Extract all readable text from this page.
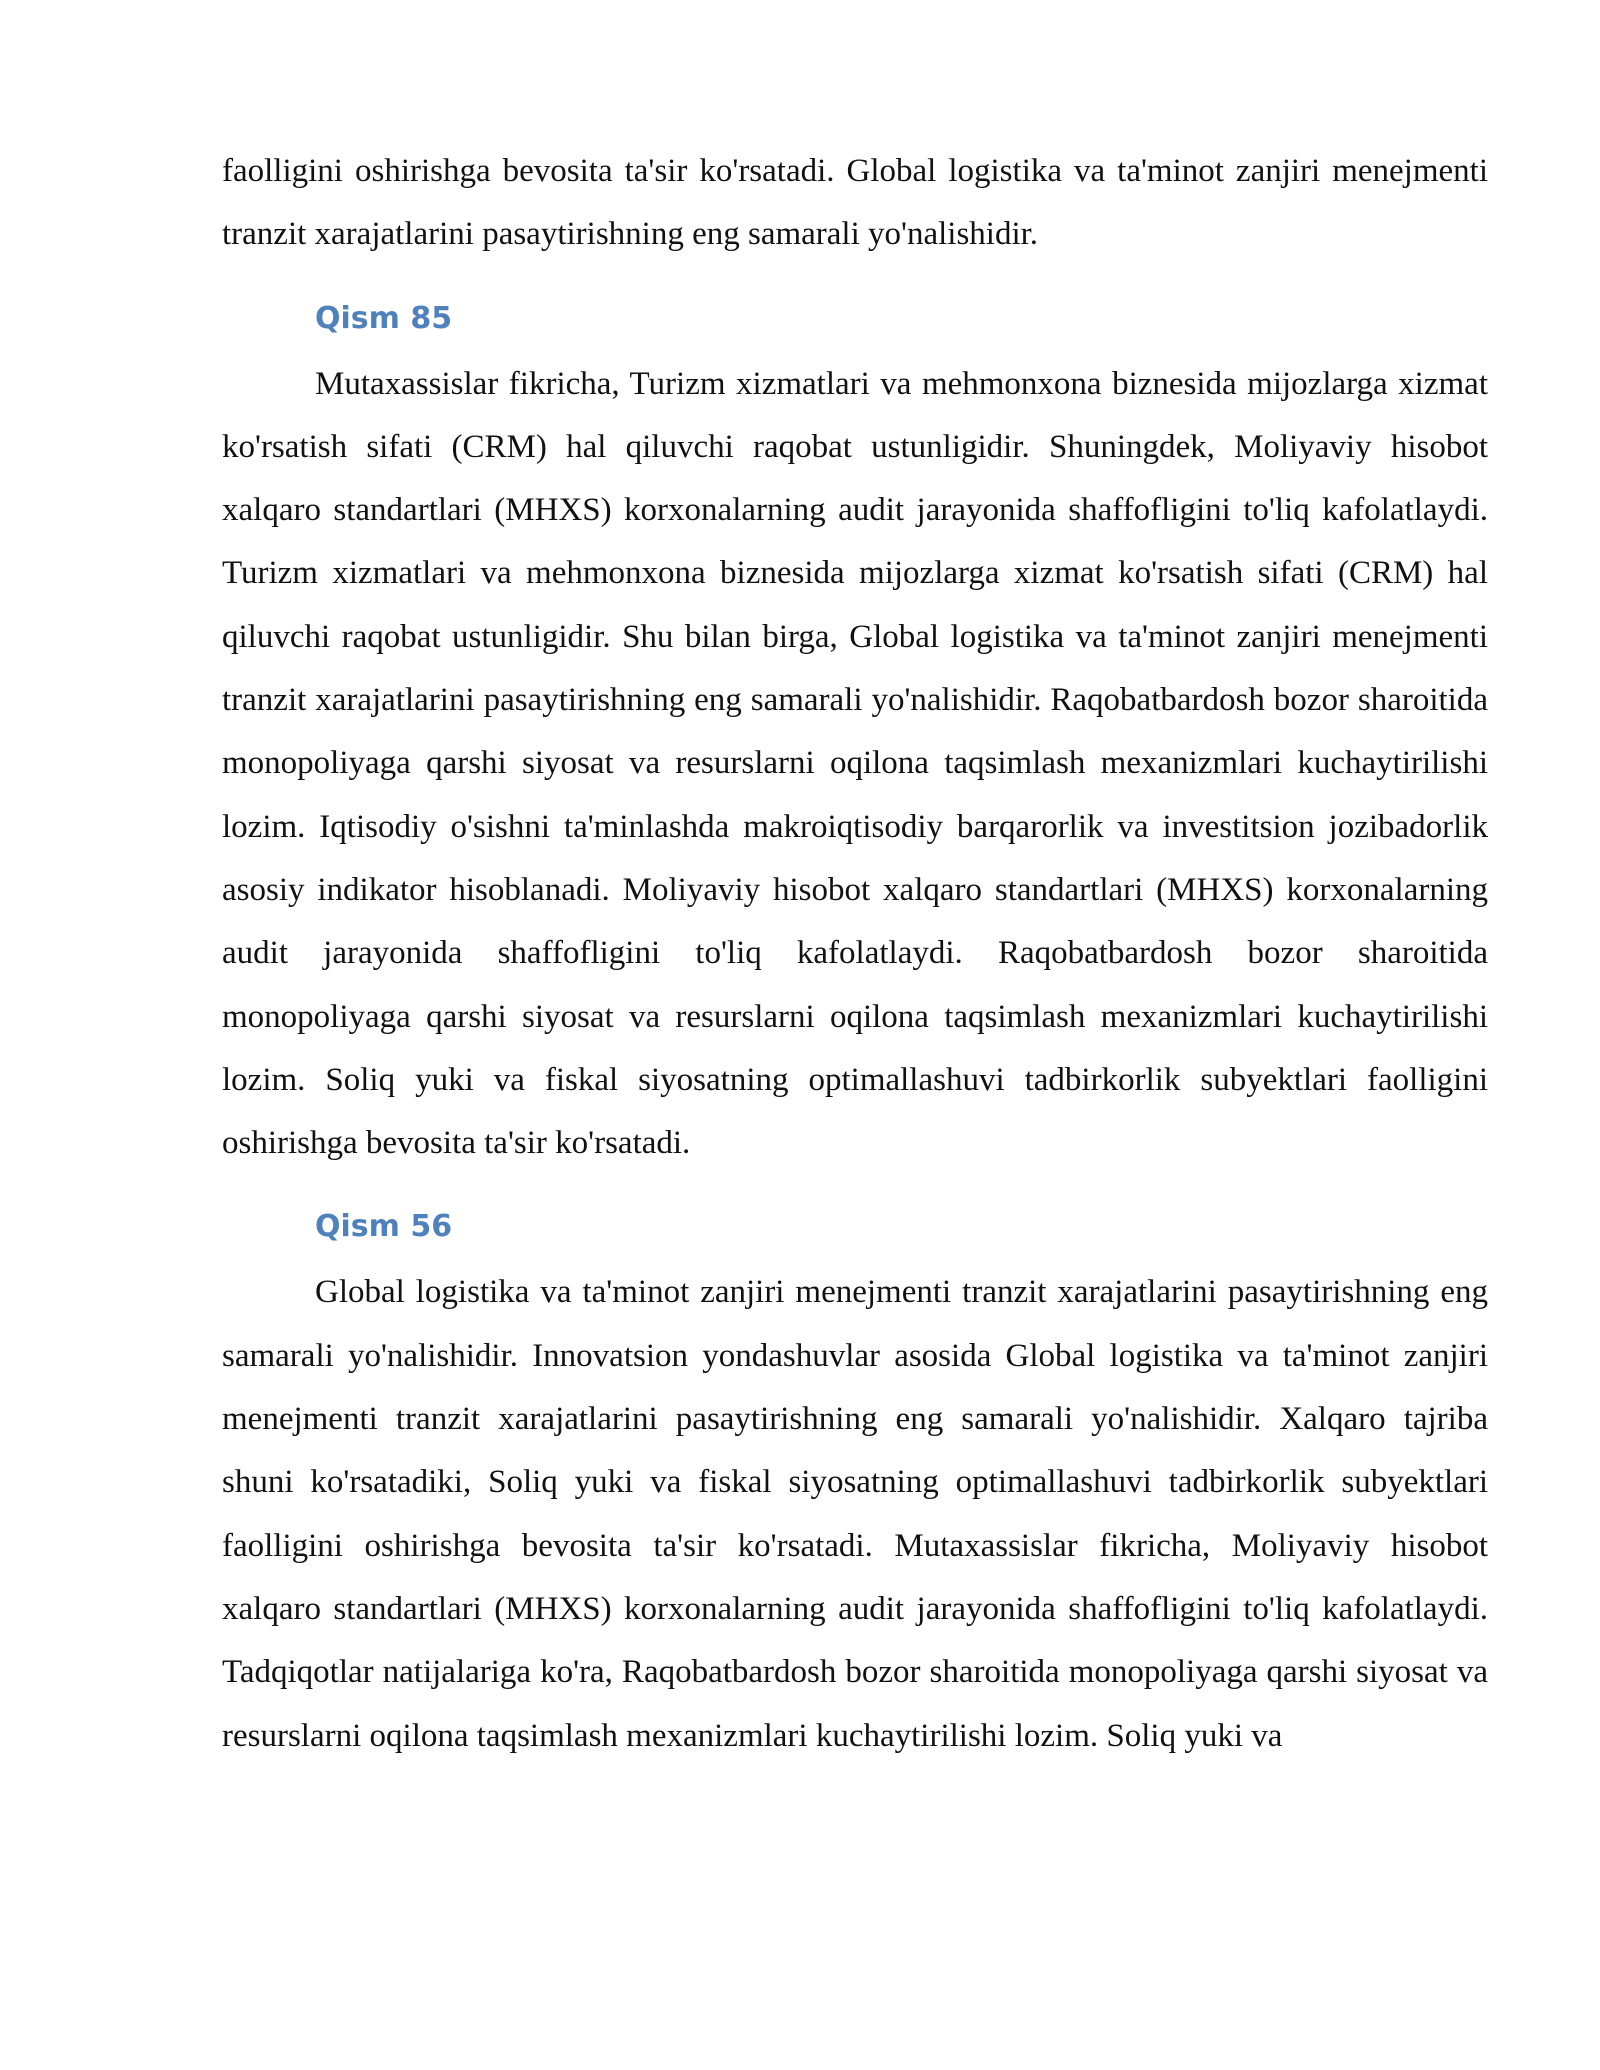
faolligini oshirishga bevosita ta'sir ko'rsatadi. Global logistika va ta'minot zanjiri menejmenti tranzit xarajatlarini pasaytirishning eng samarali yo'nalishidir.

Qism 85

Mutaxassislar fikricha, Turizm xizmatlari va mehmonxona biznesida mijozlarga xizmat ko'rsatish sifati (CRM) hal qiluvchi raqobat ustunligidir. Shuningdek, Moliyaviy hisobot xalqaro standartlari (MHXS) korxonalarning audit jarayonida shaffofligini to'liq kafolatlaydi. Turizm xizmatlari va mehmonxona biznesida mijozlarga xizmat ko'rsatish sifati (CRM) hal qiluvchi raqobat ustunligidir. Shu bilan birga, Global logistika va ta'minot zanjiri menejmenti tranzit xarajatlarini pasaytirishning eng samarali yo'nalishidir. Raqobatbardosh bozor sharoitida monopoliyaga qarshi siyosat va resurslarni oqilona taqsimlash mexanizmlari kuchaytirilishi lozim. Iqtisodiy o'sishni ta'minlashda makroiqtisodiy barqarorlik va investitsion jozibadorlik asosiy indikator hisoblanadi. Moliyaviy hisobot xalqaro standartlari (MHXS) korxonalarning audit jarayonida shaffofligini to'liq kafolatlaydi. Raqobatbardosh bozor sharoitida monopoliyaga qarshi siyosat va resurslarni oqilona taqsimlash mexanizmlari kuchaytirilishi lozim. Soliq yuki va fiskal siyosatning optimallashuvi tadbirkorlik subyektlari faolligini oshirishga bevosita ta'sir ko'rsatadi.

Qism 56

Global logistika va ta'minot zanjiri menejmenti tranzit xarajatlarini pasaytirishning eng samarali yo'nalishidir. Innovatsion yondashuvlar asosida Global logistika va ta'minot zanjiri menejmenti tranzit xarajatlarini pasaytirishning eng samarali yo'nalishidir. Xalqaro tajriba shuni ko'rsatadiki, Soliq yuki va fiskal siyosatning optimallashuvi tadbirkorlik subyektlari faolligini oshirishga bevosita ta'sir ko'rsatadi. Mutaxassislar fikricha, Moliyaviy hisobot xalqaro standartlari (MHXS) korxonalarning audit jarayonida shaffofligini to'liq kafolatlaydi. Tadqiqotlar natijalariga ko'ra, Raqobatbardosh bozor sharoitida monopoliyaga qarshi siyosat va resurslarni oqilona taqsimlash mexanizmlari kuchaytirilishi lozim. Soliq yuki va
